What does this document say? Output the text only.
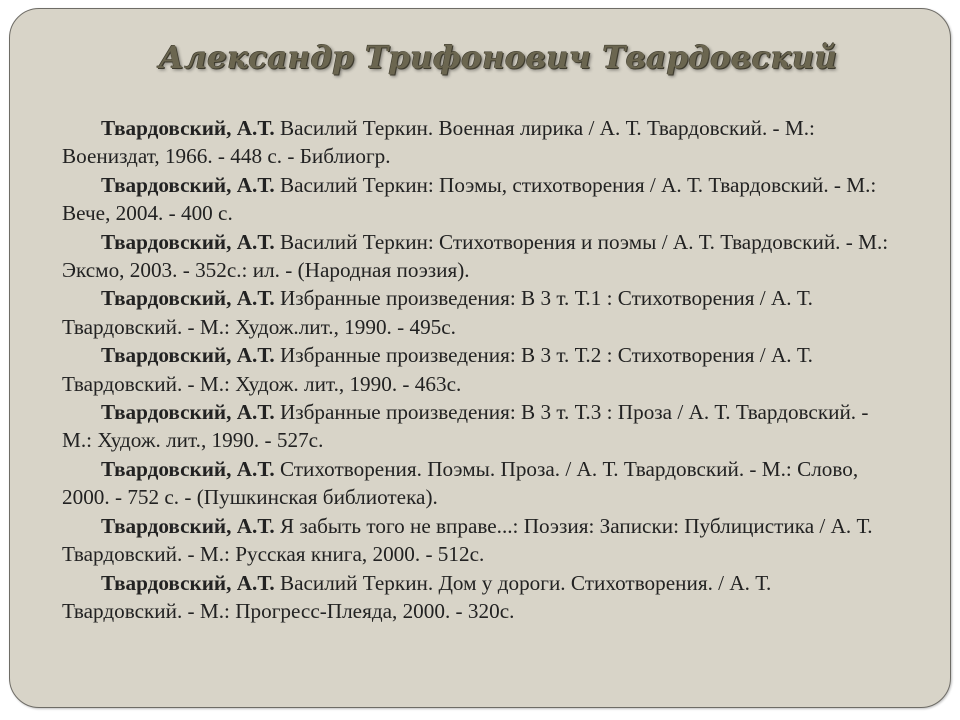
Александр Трифонович Твардовский

Твардовский, А.Т. Василий Теркин. Военная лирика / А. Т. Твардовский. - М.: Воениздат, 1966. - 448 с. - Библиогр.

Твардовский, А.Т. Василий Теркин: Поэмы, стихотворения / А. Т. Твардовский. - М.: Вече, 2004. - 400 с.

Твардовский, А.Т. Василий Теркин: Стихотворения и поэмы / А. Т. Твардовский. - М.: Эксмо, 2003. - 352с.: ил. - (Народная поэзия).

Твардовский, А.Т. Избранные произведения: В 3 т. Т.1 : Стихотворения / А. Т. Твардовский. - М.: Худож.лит., 1990. - 495с.

Твардовский, А.Т. Избранные произведения: В 3 т. Т.2 : Стихотворения / А. Т. Твардовский. - М.: Худож. лит., 1990. - 463с.

Твардовский, А.Т. Избранные произведения: В 3 т. Т.3 : Проза / А. Т. Твардовский. - М.: Худож. лит., 1990. - 527с.

Твардовский, А.Т. Стихотворения. Поэмы. Проза. / А. Т. Твардовский. - М.: Слово, 2000. - 752 с. - (Пушкинская библиотека).

Твардовский, А.Т. Я забыть того не вправе...: Поэзия: Записки: Публицистика / А. Т. Твардовский. - М.: Русская книга, 2000. - 512с.

Твардовский, А.Т. Василий Теркин. Дом у дороги. Стихотворения. / А. Т. Твардовский. - М.: Прогресс-Плеяда, 2000. - 320с.
